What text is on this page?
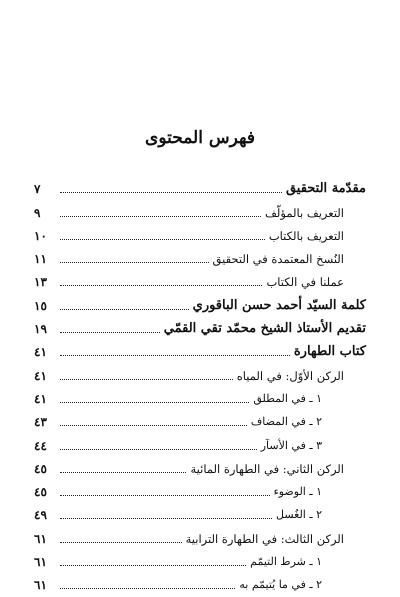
فهرس المحتوى
مقدّمة التحقيق
٧
التعريف بالمؤلّف
٩
التعريف بالكتاب
١٠
النُسخ المعتمدة في التحقيق
١١
عملنا في الكتاب
١٣
كلمة السيّد أحمد حسن الباقوري
١٥
تقديم الأستاذ الشيخ محمّد تقي القمّي
١٩
كتاب الطهارة
٤١
الركن الأوّل: في المياه
٤١
١ ـ في المطلق
٤١
٢ ـ في المضاف
٤٣
٣ ـ في الأسآر
٤٤
الركن الثاني: في الطهارة المائية
٤٥
١ ـ الوضوء
٤٥
٢ ـ الغُسل
٤٩
الركن الثالث: في الطهارة الترابية
٦١
١ ـ شرط التيمّم
٦١
٢ ـ في ما يُتيمّم به
٦١
